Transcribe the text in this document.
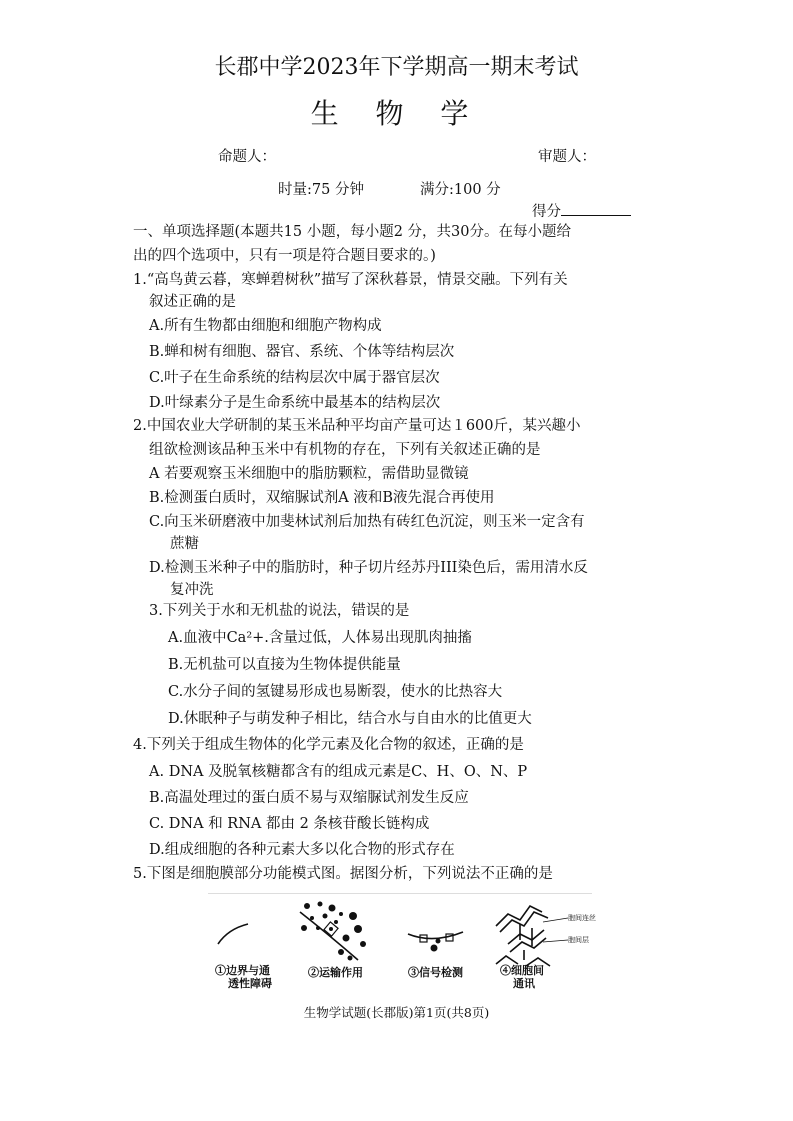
长郡中学2023年下学期高一期末考试
生 物 学
命题人：	审题人：
时量:75 分钟	满分:100 分
得分
一、单项选择题(本题共15 小题，每小题2 分，共30分。在每小题给
出的四个选项中，只有一项是符合题目要求的。)
1.“高鸟黄云暮，寒蝉碧树秋”描写了深秋暮景，情景交融。下列有关
叙述正确的是
A.所有生物都由细胞和细胞产物构成
B.蝉和树有细胞、器官、系统、个体等结构层次
C.叶子在生命系统的结构层次中属于器官层次
D.叶绿素分子是生命系统中最基本的结构层次
2.中国农业大学研制的某玉米品种平均亩产量可达１600斤，某兴趣小
组欲检测该品种玉米中有机物的存在，下列有关叙述正确的是
A 若要观察玉米细胞中的脂肪颗粒，需借助显微镜
B.检测蛋白质时，双缩脲试剂A 液和B液先混合再使用
C.向玉米研磨液中加斐林试剂后加热有砖红色沉淀，则玉米一定含有
蔗糖
D.检测玉米种子中的脂肪时，种子切片经苏丹III染色后，需用清水反
复冲洗
3.下列关于水和无机盐的说法，错误的是
A.血液中Ca²+.含量过低，人体易出现肌肉抽搐
B.无机盐可以直接为生物体提供能量
C.水分子间的氢键易形成也易断裂，使水的比热容大
D.休眠种子与萌发种子相比，结合水与自由水的比值更大
4.下列关于组成生物体的化学元素及化合物的叙述，正确的是
A. DNA 及脱氧核糖都含有的组成元素是C、H、O、N、P
B.高温处理过的蛋白质不易与双缩脲试剂发生反应
C. DNA 和 RNA 都由 2 条核苷酸长链构成
D.组成细胞的各种元素大多以化合物的形式存在
5.下图是细胞膜部分功能模式图。据图分析，下列说法不正确的是
胞间连丝
胞间层
①边界与通
透性障碍
②运输作用	③信号检测	④细胞间
通讯
生物学试题(长郡版)第1页(共8页)
